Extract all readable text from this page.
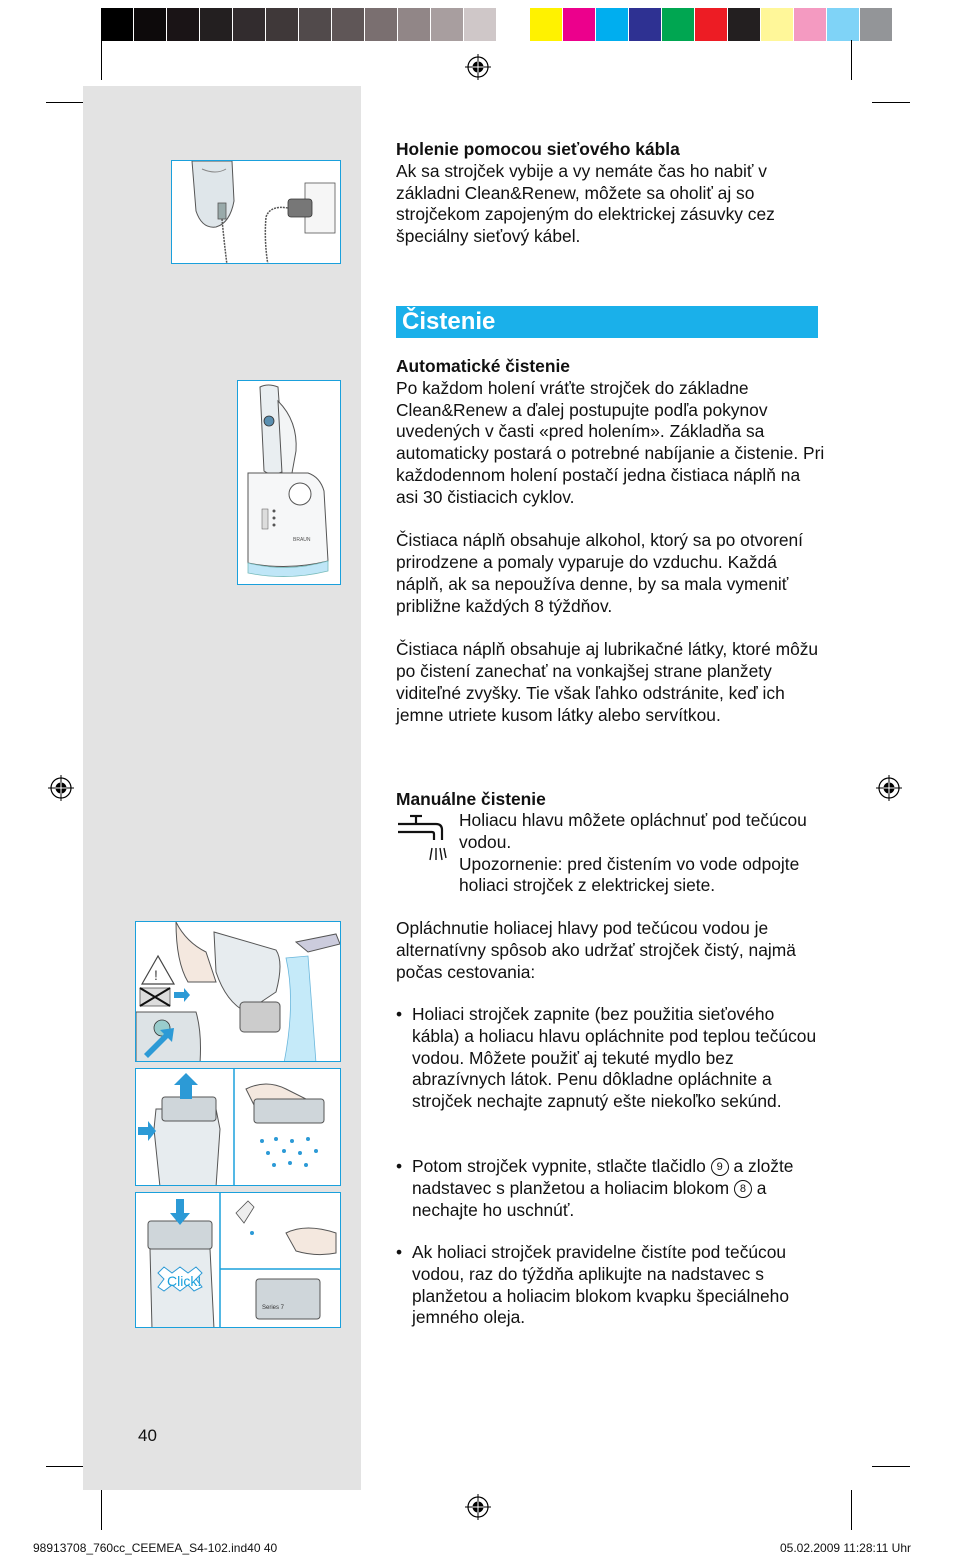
BRAUN
!
Click!
Series 7

Holenie pomocou sieťového kábla

Ak sa strojček vybije a vy nemáte čas ho nabiť v základni Clean&Renew, môžete sa oholiť aj so strojčekom zapojeným do elektrickej zásuvky cez špeciálny sieťový kábel.

Čistenie

Automatické čistenie

Po každom holení vráťte strojček do základne Clean&Renew a ďalej postupujte podľa pokynov uvedených v časti «pred holením». Základňa sa automaticky postará o potrebné nabíjanie a čistenie. Pri každodennom holení postačí jedna čistiaca náplň na asi 30 čistiacich cyklov.

Čistiaca náplň obsahuje alkohol, ktorý sa po otvorení prirodzene a pomaly vyparuje do vzduchu. Každá náplň, ak sa nepoužíva denne, by sa mala vymeniť približne každých 8 týždňov.

Čistiaca náplň obsahuje aj lubrikačné látky, ktoré môžu po čistení zanechať na vonkajšej strane planžety viditeľné zvyšky. Tie však ľahko odstránite, keď ich jemne utriete kusom látky alebo servítkou.

Manuálne čistenie

Holiacu hlavu môžete opláchnuť pod tečúcou vodou.

Upozornenie: pred čistením vo vode odpojte holiaci strojček z elektrickej siete.

Opláchnutie holiacej hlavy pod tečúcou vodou je alternatívny spôsob ako udržať strojček čistý, najmä počas cestovania:

• Holiaci strojček zapnite (bez použitia sieťového kábla) a holiacu hlavu opláchnite pod teplou tečúcou vodou. Môžete použiť aj tekuté mydlo bez abrazívnych látok. Penu dôkladne opláchnite a strojček nechajte zapnutý ešte niekoľko sekúnd.
• Potom strojček vypnite, stlačte tlačidlo 9 a zložte nadstavec s planžetou a holiacim blokom 8 a nechajte ho uschnúť.
• Ak holiaci strojček pravidelne čistíte pod tečúcou vodou, raz do týždňa aplikujte na nadstavec s planžetou a holiacim blokom kvapku špeciálneho jemného oleja.
40
98913708_760cc_CEEMEA_S4-102.ind40 40	05.02.2009 11:28:11 Uhr
